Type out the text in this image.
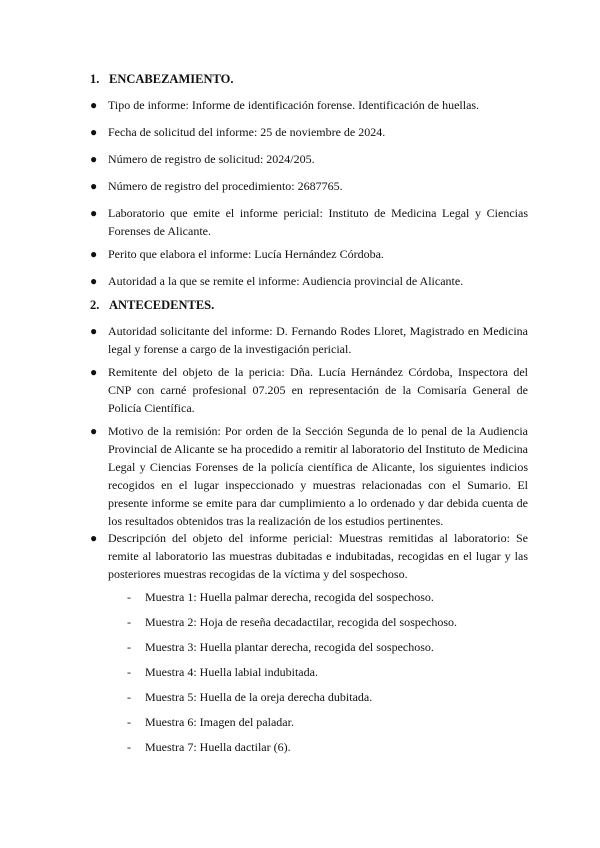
1. ENCABEZAMIENTO.
● Tipo de informe: Informe de identificación forense. Identificación de huellas.
● Fecha de solicitud del informe: 25 de noviembre de 2024.
● Número de registro de solicitud: 2024/205.
● Número de registro del procedimiento: 2687765.
● Laboratorio que emite el informe pericial: Instituto de Medicina Legal y Ciencias Forenses de Alicante.
● Perito que elabora el informe: Lucía Hernández Córdoba.
● Autoridad a la que se remite el informe: Audiencia provincial de Alicante.
2. ANTECEDENTES.
● Autoridad solicitante del informe: D. Fernando Rodes Lloret, Magistrado en Medicina legal y forense a cargo de la investigación pericial.
● Remitente del objeto de la pericia: Dña. Lucía Hernández Córdoba, Inspectora del CNP con carné profesional 07.205 en representación de la Comisaría General de Policía Científica.
● Motivo de la remisión: Por orden de la Sección Segunda de lo penal de la Audiencia Provincial de Alicante se ha procedido a remitir al laboratorio del Instituto de Medicina Legal y Ciencias Forenses de la policía científica de Alicante, los siguientes indicios recogidos en el lugar inspeccionado y muestras relacionadas con el Sumario. El presente informe se emite para dar cumplimiento a lo ordenado y dar debida cuenta de los resultados obtenidos tras la realización de los estudios pertinentes.
● Descripción del objeto del informe pericial: Muestras remitidas al laboratorio: Se remite al laboratorio las muestras dubitadas e indubitadas, recogidas en el lugar y las posteriores muestras recogidas de la víctima y del sospechoso.
- Muestra 1: Huella palmar derecha, recogida del sospechoso.
- Muestra 2: Hoja de reseña decadactilar, recogida del sospechoso.
- Muestra 3: Huella plantar derecha, recogida del sospechoso.
- Muestra 4: Huella labial indubitada.
- Muestra 5: Huella de la oreja derecha dubitada.
- Muestra 6: Imagen del paladar.
- Muestra 7: Huella dactilar (6).
